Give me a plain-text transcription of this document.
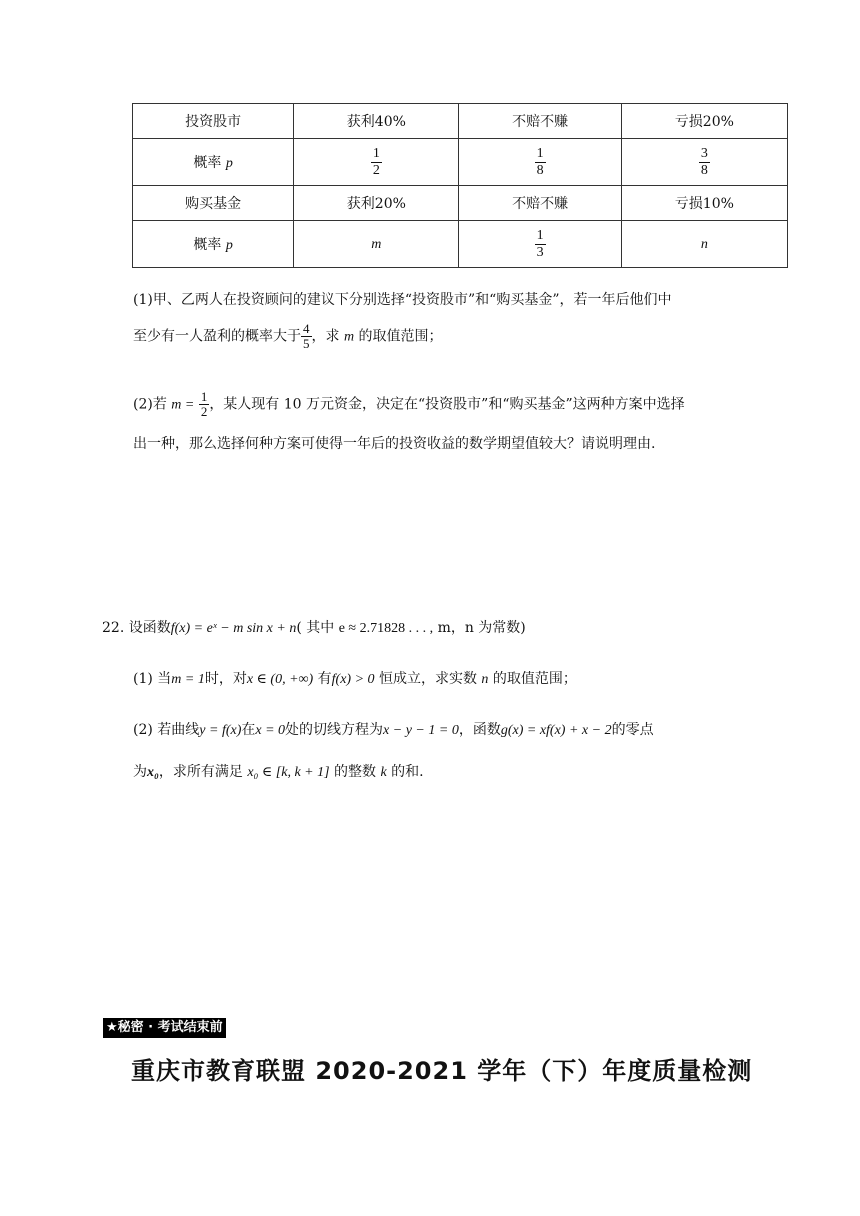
投资股市	获利40%	不赔不赚	亏损20%
概率 p	$\frac{1}{2}$	$\frac{1}{8}$	$\frac{3}{8}$

购买基金	获利20%	不赔不赚	亏损10%
概率 p	m	$\frac{1}{3}$	n
(1)甲、乙两人在投资顾问的建议下分别选择“投资股市”和“购买基金”，若一年后他们中
至少有一人盈利的概率大于 $\frac{4}{5}$ ，求 m 的取值范围；
(2)若 $m = \frac{1}{2}$ ，某人现有 10 万元资金，决定在“投资股市”和“购买基金”这两种方案中选择
出一种，那么选择何种方案可使得一年后的投资收益的数学期望值较大？请说明理由.
22. 设函数f(x) = eˣ − m sin x + n( 其中 e ≈ 2.71828 . . . , m，n 为常数)
(1) 当m = 1时，对x ∈ (0, +∞) 有f(x) > 0 恒成立，求实数 n 的取值范围；
(2) 若曲线y = f(x)在x = 0处的切线方程为x − y − 1 = 0，函数g(x) = xf(x) + x − 2的零点
为x₀，求所有满足 x₀ ∈ [k, k + 1] 的整数 k 的和.
★秘密 · 考试结束前
重庆市教育联盟 2020-2021 学年（下）年度质量检测
